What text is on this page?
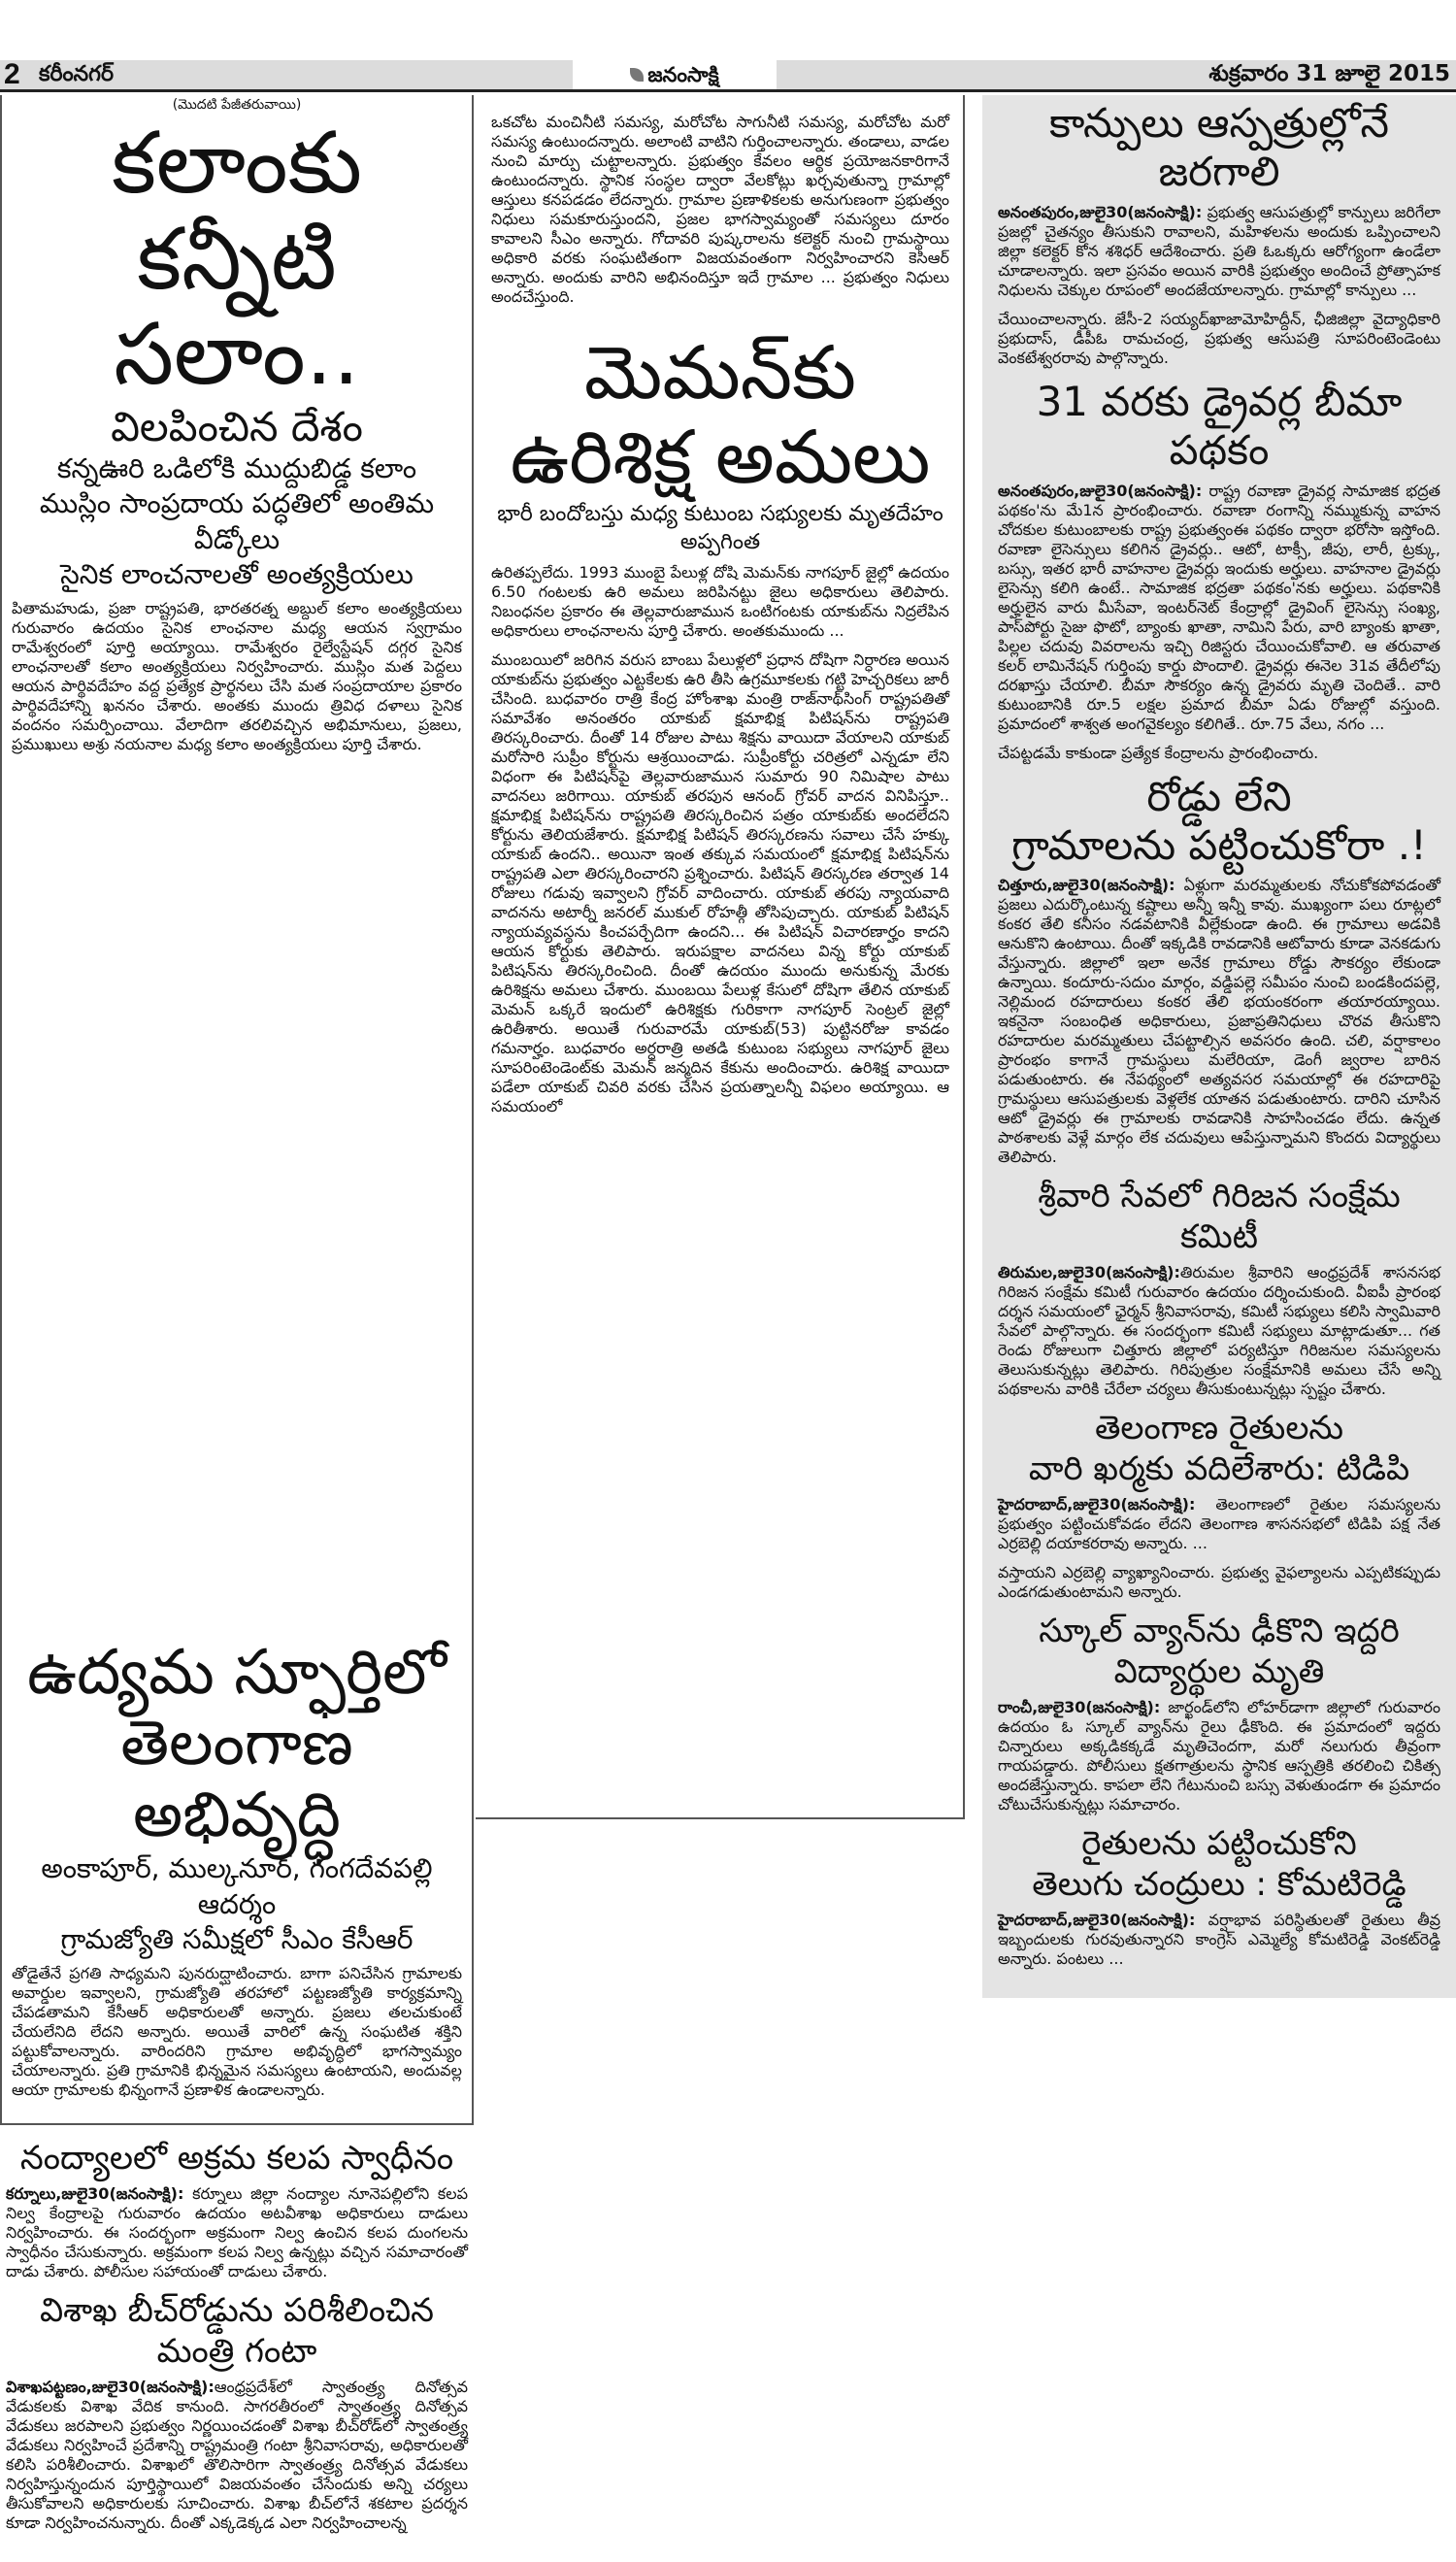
2 కరీంనగర్	జనంసాక్షి	శుక్రవారం 31 జూలై 2015
(మొదటి పేజీతరువాయి)
కలాంకు
కన్నీటి సలాం..
విలపించిన దేశం
కన్నఊరి ఒడిలోకి ముద్దుబిడ్డ కలాం
ముస్లిం సాంప్రదాయ పద్ధతిలో అంతిమ వీడ్కోలు
సైనిక లాంచనాలతో అంత్యక్రియలు
పితామహుడు, ప్రజా రాష్ట్రపతి, భారతరత్న అబ్దుల్ కలాం అంత్యక్రియలు గురువారం ఉదయం సైనిక లాంఛనాల మధ్య ఆయన స్వగ్రామం రామేశ్వరంలో పూర్తి అయ్యాయి. రామేశ్వరం రైల్వేస్టేషన్ దగ్గర సైనిక లాంఛనాలతో కలాం అంత్యక్రియలు నిర్వహించారు. ముస్లిం మత పెద్దలు ఆయన పార్థివదేహం వద్ద ప్రత్యేక ప్రార్థనలు చేసి మత సంప్రదాయాల ప్రకారం పార్థివదేహాన్ని ఖననం చేశారు. అంతకు ముందు త్రివిధ దళాలు సైనిక వందనం సమర్పించాయి. వేలాదిగా తరలివచ్చిన అభిమానులు, ప్రజలు, ప్రముఖులు అశ్రు నయనాల మధ్య కలాం అంత్యక్రియలు పూర్తి చేశారు.
ఉద్యమ స్ఫూర్తిలో
తెలంగాణ అభివృద్ధి
అంకాపూర్, ముల్కనూర్, గంగదేవపల్లి ఆదర్శం
గ్రామజ్యోతి సమీక్షలో సీఎం కేసీఆర్
తోడైతేనే ప్రగతి సాధ్యమని పునరుద్ఘాటించారు. బాగా పనిచేసిన గ్రామాలకు అవార్డుల ఇవ్వాలని, గ్రామజ్యోతి తరహాలో పట్టణజ్యోతి కార్యక్రమాన్ని చేపడతామని కేసీఆర్ అధికారులతో అన్నారు. ప్రజలు తలచుకుంటే చేయలేనిది లేదని అన్నారు. అయితే వారిలో ఉన్న సంఘటిత శక్తిని పట్టుకోవాలన్నారు. వారిందరిని గ్రామాల అభివృద్ధిలో భాగస్వామ్యం చేయాలన్నారు. ప్రతి గ్రామానికి భిన్నమైన సమస్యలు ఉంటాయని, అందువల్ల ఆయా గ్రామాలకు భిన్నంగానే ప్రణాళిక ఉండాలన్నారు.
నంద్యాలలో అక్రమ కలప స్వాధీనం
కర్నూలు,జులై30(జనంసాక్షి): కర్నూలు జిల్లా నంద్యాల నూనెపల్లిలోని కలప నిల్వ కేంద్రాలపై గురువారం ఉదయం అటవీశాఖ అధికారులు దాడులు నిర్వహించారు. ఈ సందర్భంగా అక్రమంగా నిల్వ ఉంచిన కలప దుంగలను స్వాధీనం చేసుకున్నారు. అక్రమంగా కలప నిల్వ ఉన్నట్లు వచ్చిన సమాచారంతో దాడు చేశారు. పోలీసుల సహాయంతో దాడులు చేశారు.
విశాఖ బీచ్‌రోడ్డును పరిశీలించిన మంత్రి గంటా
విశాఖపట్టణం,జులై30(జనంసాక్షి):ఆంధ్రప్రదేశ్‌లో స్వాతంత్ర్య దినోత్సవ వేడుకలకు విశాఖ వేదిక కానుంది. సాగరతీరంలో స్వాతంత్ర్య దినోత్సవ వేడుకలు జరపాలని ప్రభుత్వం నిర్ణయించడంతో విశాఖ బీచ్‌రోడ్‌లో స్వాతంత్ర్య వేడుకలు నిర్వహించే ప్రదేశాన్ని రాష్ట్రమంత్రి గంటా శ్రీనివాసరావు, అధికారులతో కలిసి పరిశీలించారు. విశాఖలో తొలిసారిగా స్వాతంత్ర్య దినోత్సవ వేడుకలు నిర్వహిస్తున్నందున పూర్తిస్థాయిలో విజయవంతం చేసేందుకు అన్ని చర్యలు తీసుకోవాలని అధికారులకు సూచించారు. విశాఖ బీచ్‌లోనే శకటాల ప్రదర్శన కూడా నిర్వహించనున్నారు. దీంతో ఎక్కడెక్కడ ఎలా నిర్వహించాలన్న
ఒకచోట మంచినీటి సమస్య, మరోచోట సాగునీటి సమస్య, మరోచోట మరో సమస్య ఉంటుందన్నారు. అలాంటి వాటిని గుర్తించాలన్నారు. తండాలు, వాడల నుంచి మార్పు చుట్టాలన్నారు. ప్రభుత్వం కేవలం ఆర్థిక ప్రయోజనకారిగానే ఉంటుందన్నారు. స్థానిక సంస్థల ద్వారా వేలకోట్లు ఖర్చవుతున్నా గ్రామాల్లో ఆస్తులు కనపడడం లేదన్నారు. గ్రామాల ప్రణాళికలకు అనుగుణంగా ప్రభుత్వం నిధులు సమకూరుస్తుందని, ప్రజల భాగస్వామ్యంతో సమస్యలు దూరం కావాలని సీఎం అన్నారు. గోదావరి పుష్కరాలను కలెక్టర్ నుంచి గ్రామస్థాయి అధికారి వరకు సంఘటితంగా విజయవంతంగా నిర్వహించారని కెసిఆర్ అన్నారు. అందుకు వారిని అభినందిస్తూ ఇదే గ్రామాల ... ప్రభుత్వం నిధులు అందచేస్తుంది.
మెమన్‌కు
ఉరిశిక్ష అమలు
భారీ బందోబస్తు మధ్య కుటుంబ సభ్యులకు మృతదేహం అప్పగింత
ఉరితప్పలేదు. 1993 ముంబై పేలుళ్ల దోషి మెమన్‌కు నాగపూర్ జైల్లో ఉదయం 6.50 గంటలకు ఉరి అమలు జరిపినట్టు జైలు అధికారులు తెలిపారు. నిబంధనల ప్రకారం ఈ తెల్లవారుజామున ఒంటిగంటకు యాకుబ్‌ను నిద్రలేపిన అధికారులు లాంఛనాలను పూర్తి చేశారు. అంతకుముందు ...
ముంబయిలో జరిగిన వరుస బాంబు పేలుళ్లలో ప్రధాన దోషిగా నిర్ధారణ అయిన యాకుబ్‌ను ప్రభుత్వం ఎట్టకేలకు ఉరి తీసి ఉగ్రమూకలకు గట్టి హెచ్చరికలు జారీ చేసింది. బుధవారం రాత్రి కేంద్ర హోంశాఖ మంత్రి రాజ్‌నాథ్‌సింగ్ రాష్ట్రపతితో సమావేశం అనంతరం యాకుబ్ క్షమాభిక్ష పిటిషన్‌ను రాష్ట్రపతి తిరస్కరించారు. దీంతో 14 రోజుల పాటు శిక్షను వాయిదా వేయాలని యాకుబ్ మరోసారి సుప్రీం కోర్టును ఆశ్రయించాడు. సుప్రీంకోర్టు చరిత్రలో ఎన్నడూ లేని విధంగా ఈ పిటిషన్‌పై తెల్లవారుజామున సుమారు 90 నిమిషాల పాటు వాదనలు జరిగాయి. యాకుబ్ తరపున ఆనంద్ గ్రోవర్ వాదన వినిపిస్తూ.. క్షమాభిక్ష పిటిషన్‌ను రాష్ట్రపతి తిరస్కరించిన పత్రం యాకుబ్‌కు అందలేదని కోర్టును తెలియజేశారు. క్షమాభిక్ష పిటిషన్ తిరస్కరణను సవాలు చేసే హక్కు యాకుబ్ ఉందని.. అయినా ఇంత తక్కువ సమయంలో క్షమాభిక్ష పిటిషన్‌ను రాష్ట్రపతి ఎలా తిరస్కరించారని ప్రశ్నించారు. పిటిషన్ తిరస్కరణ తర్వాత 14 రోజులు గడువు ఇవ్వాలని గ్రోవర్ వాదించారు. యాకుబ్ తరపు న్యాయవాది వాదనను అటార్నీ జనరల్ ముకుల్ రోహత్గీ తోసిపుచ్చారు. యాకుబ్ పిటిషన్ న్యాయవ్యవస్థను కించపర్చేదిగా ఉందని... ఈ పిటిషన్ విచారణార్హం కాదని ఆయన కోర్టుకు తెలిపారు. ఇరుపక్షాల వాదనలు విన్న కోర్టు యాకుబ్ పిటిషన్‌ను తిరస్కరించింది. దీంతో ఉదయం ముందు అనుకున్న మేరకు ఉరిశిక్షను అమలు చేశారు. ముంబయి పేలుళ్ల కేసులో దోషిగా తేలిన యాకుబ్ మెమన్ ఒక్కరే ఇందులో ఉరిశిక్షకు గురికాగా నాగపూర్ సెంట్రల్ జైల్లో ఉరితీశారు. అయితే గురువారమే యాకుబ్(53) పుట్టినరోజు కావడం గమనార్హం. బుధవారం అర్ధరాత్రి అతడి కుటుంబ సభ్యులు నాగపూర్ జైలు సూపరింటెండెంట్‌కు మెమన్ జన్మదిన కేకును అందించారు. ఉరిశిక్ష వాయిదా పడేలా యాకుబ్ చివరి వరకు చేసిన ప్రయత్నాలన్నీ విఫలం అయ్యాయి. ఆ సమయంలో
కాన్పులు ఆస్పత్రుల్లోనే జరగాలి
అనంతపురం,జులై30(జనంసాక్షి): ప్రభుత్వ ఆసుపత్రుల్లో కాన్పులు జరిగేలా ప్రజల్లో చైతన్యం తీసుకుని రావాలని, మహిళలను అందుకు ఒప్పించాలని జిల్లా కలెక్టర్ కోన శశిధర్ ఆదేశించారు. ప్రతి ఓఒక్కరు ఆరోగ్యంగా ఉండేలా చూడాలన్నారు. ఇలా ప్రసవం అయిన వారికి ప్రభుత్వం అందించే ప్రోత్సాహక నిధులను చెక్కుల రూపంలో అందజేయాలన్నారు. గ్రామాల్లో కాన్పులు ...
చేయించాలన్నారు. జేసీ-2 సయ్యద్‌ఖాజామోహిద్దీన్, ఛీజిజిల్లా వైద్యాధికారి ప్రభుదాస్, డీపీఓ రామచంద్ర, ప్రభుత్వ ఆసుపత్రి సూపరింటెండెంటు వెంకటేశ్వరరావు పాల్గొన్నారు.
31 వరకు డ్రైవర్ల బీమా పథకం
అనంతపురం,జులై30(జనంసాక్షి): రాష్ట్ర రవాణా డ్రైవర్ల సామాజిక భద్రత పథకం'ను మే1న ప్రారంభించారు. రవాణా రంగాన్ని నమ్ముకున్న వాహన చోదకుల కుటుంబాలకు రాష్ట్ర ప్రభుత్వంఈ పథకం ద్వారా భరోసా ఇస్తోంది. రవాణా లైసెన్సులు కలిగిన డ్రైవర్లు.. ఆటో, టాక్సీ, జీపు, లారీ, ట్రక్కు, బస్సు, ఇతర భారీ వాహనాల డ్రైవర్లు ఇందుకు అర్హులు. వాహనాల డ్రైవర్లు లైసెన్సు కలిగి ఉంటే.. సామాజిక భద్రతా పథకం'నకు అర్హులు. పథకానికి అర్హులైన వారు మీసేవా, ఇంటర్‌నెట్ కేంద్రాల్లో డ్రైవింగ్ లైసెన్సు సంఖ్య, పాస్‌పోర్టు సైజు ఫొటో, బ్యాంకు ఖాతా, నామిని పేరు, వారి బ్యాంకు ఖాతా, పిల్లల చదువు వివరాలను ఇచ్చి రిజిస్టరు చేయించుకోవాలి. ఆ తరువాత కలర్ లామినేషన్ గుర్తింపు కార్డు పొందాలి. డ్రైవర్లు ఈనెల 31వ తేదీలోపు దరఖాస్తు చేయాలి. బీమా సౌకర్యం ఉన్న డ్రైవరు మృతి చెందితే.. వారి కుటుంబానికి రూ.5 లక్షల ప్రమాద బీమా ఏడు రోజుల్లో వస్తుంది. ప్రమాదంలో శాశ్వత అంగవైకల్యం కలిగితే.. రూ.75 వేలు, నగం ...
చేపట్టడమే కాకుండా ప్రత్యేక కేంద్రాలను ప్రారంభించారు.
రోడ్డు లేని
గ్రామాలను పట్టించుకోరా .!
చిత్తూరు,జులై30(జనంసాక్షి): ఏళ్లుగా మరమ్మతులకు నోచుకోకపోవడంతో ప్రజలు ఎదుర్కొంటున్న కష్టాలు అన్నీ ఇన్నీ కావు. ముఖ్యంగా పలు రూట్లలో కంకర తేలి కనీసం నడవటానికి వీల్లేకుండా ఉంది. ఈ గ్రామాలు అడవికి ఆనుకొని ఉంటాయి. దీంతో ఇక్కడికి రావడానికి ఆటోవారు కూడా వెనకడుగు వేస్తున్నారు. జిల్లాలో ఇలా అనేక గ్రామాలు రోడ్డు సౌకర్యం లేకుండా ఉన్నాయి. కందూరు-సదుం మార్గం, వడ్డిపల్లె సమీపం నుంచి బండకిందపల్లె, నెల్లిమంద రహదారులు కంకర తేలి భయంకరంగా తయారయ్యాయి. ఇకనైనా సంబంధిత అధికారులు, ప్రజాప్రతినిధులు చొరవ తీసుకొని రహదారుల మరమ్మతులు చేపట్టాల్సిన అవసరం ఉంది. చలి, వర్షాకాలం ప్రారంభం కాగానే గ్రామస్థులు మలేరియా, డెంగీ జ్వరాల బారిన పడుతుంటారు. ఈ నేపథ్యంలో అత్యవసర సమయాల్లో ఈ రహదారిపై గ్రామస్థులు ఆసుపత్రులకు వెళ్లలేక యాతన పడుతుంటారు. దారిని చూసిన ఆటో డ్రైవర్లు ఈ గ్రామాలకు రావడానికి సాహసించడం లేదు. ఉన్నత పాఠశాలకు వెళ్లే మార్గం లేక చదువులు ఆపేస్తున్నామని కొందరు విద్యార్థులు తెలిపారు.
శ్రీవారి సేవలో గిరిజన సంక్షేమ కమిటీ
తిరుమల,జులై30(జనంసాక్షి):తిరుమల శ్రీవారిని ఆంధ్రప్రదేశ్ శాసనసభ గిరిజన సంక్షేమ కమిటీ గురువారం ఉదయం దర్శించుకుంది. వీఐపీ ప్రారంభ దర్శన సమయంలో ఛైర్మన్ శ్రీనివాసరావు, కమిటీ సభ్యులు కలిసి స్వామివారి సేవలో పాల్గొన్నారు. ఈ సందర్భంగా కమిటీ సభ్యులు మాట్లాడుతూ... గత రెండు రోజులుగా చిత్తూరు జిల్లాలో పర్యటిస్తూ గిరిజనుల సమస్యలను తెలుసుకున్నట్లు తెలిపారు. గిరిపుత్రుల సంక్షేమానికి అమలు చేసే అన్ని పథకాలను వారికి చేరేలా చర్యలు తీసుకుంటున్నట్లు స్పష్టం చేశారు.
తెలంగాణ రైతులను
వారి ఖర్మకు వదిలేశారు: టిడిపి
హైదరాబాద్,జులై30(జనంసాక్షి): తెలంగాణలో రైతుల సమస్యలను ప్రభుత్వం పట్టించుకోవడం లేదని తెలంగాణ శాసనసభలో టిడిపి పక్ష నేత ఎర్రబెల్లి దయాకరరావు అన్నారు. ...
వస్తాయని ఎర్రబెల్లి వ్యాఖ్యానించారు. ప్రభుత్వ వైఫల్యాలను ఎప్పటికప్పుడు ఎండగడుతుంటామని అన్నారు.
స్కూల్ వ్యాన్‌ను ఢీకొని ఇద్దరి విద్యార్థుల మృతి
రాంచీ,జులై30(జనంసాక్షి): జార్ఖండ్‌లోని లోహర్‌డాగా జిల్లాలో గురువారం ఉదయం ఓ స్కూల్ వ్యాన్‌ను రైలు ఢీకొంది. ఈ ప్రమాదంలో ఇద్దరు చిన్నారులు అక్కడికక్కడే మృతిచెందగా, మరో నలుగురు తీవ్రంగా గాయపడ్డారు. పోలీసులు క్షతగాత్రులను స్థానిక ఆస్పత్రికి తరలించి చికిత్స అందజేస్తున్నారు. కాపలా లేని గేటునుంచి బస్సు వెళుతుండగా ఈ ప్రమాదం చోటుచేసుకున్నట్లు సమాచారం.
రైతులను పట్టించుకోని
తెలుగు చంద్రులు : కోమటిరెడ్డి
హైదరాబాద్,జులై30(జనంసాక్షి): వర్షాభావ పరిస్థితులతో రైతులు తీవ్ర ఇబ్బందులకు గురవుతున్నారని కాంగ్రెస్ ఎమ్మెల్యే కోమటిరెడ్డి వెంకట్‌రెడ్డి అన్నారు. పంటలు ...
